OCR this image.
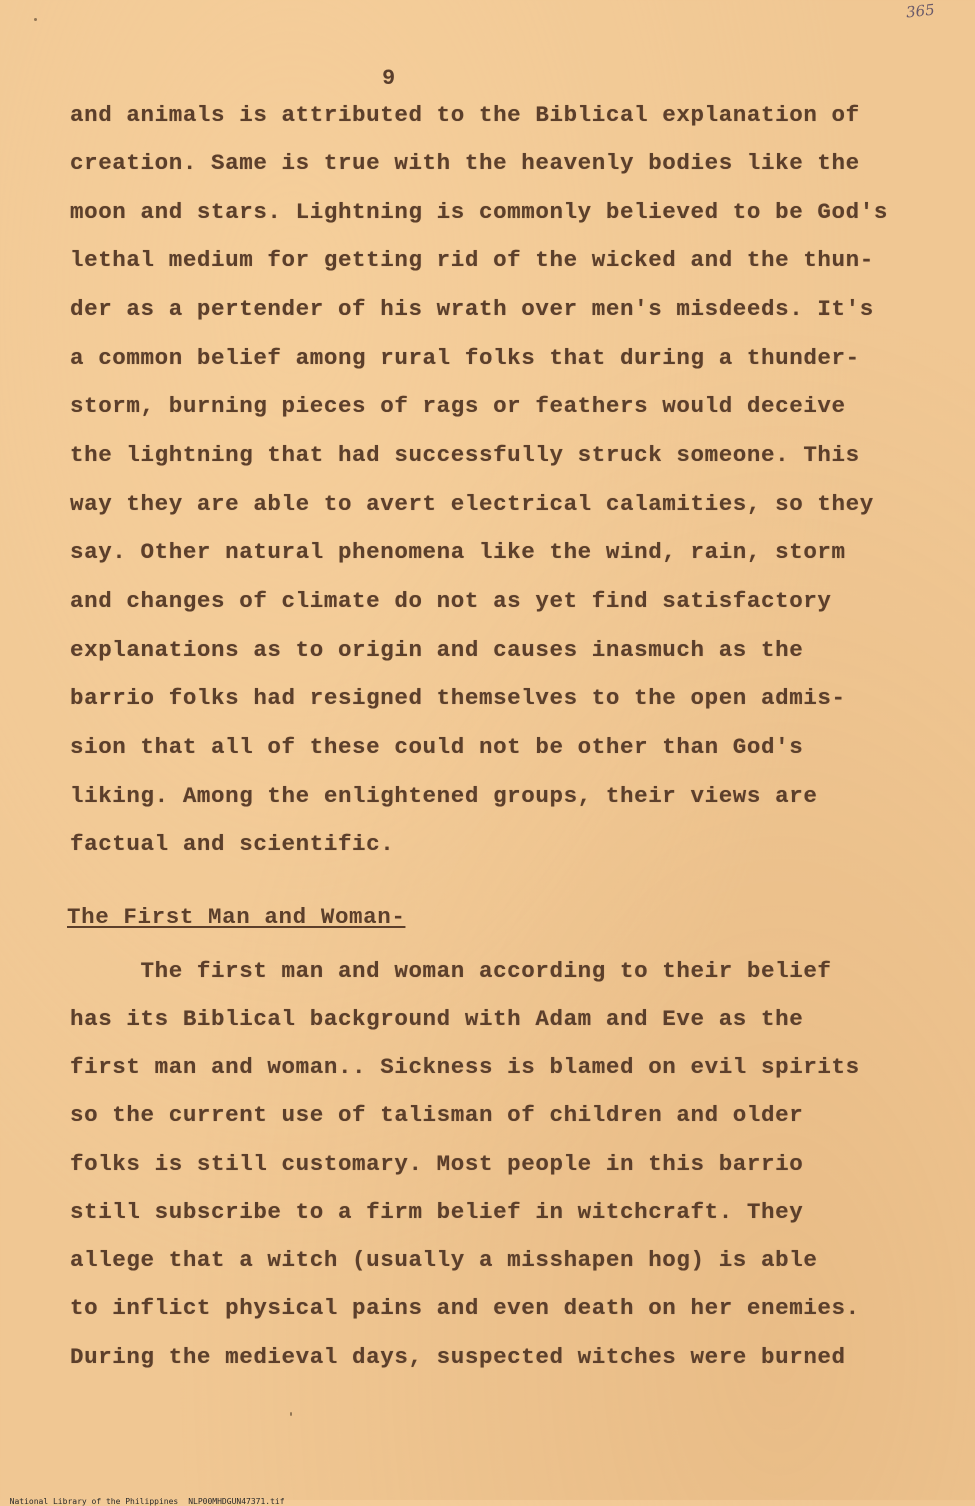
365
9
and animals is attributed to the Biblical explanation of
creation. Same is true with the heavenly bodies like the
moon and stars. Lightning is commonly believed to be God's
lethal medium for getting rid of the wicked and the thun-
der as a pertender of his wrath over men's misdeeds. It's
a common belief among rural folks that during a thunder-
storm, burning pieces of rags or feathers would deceive
the lightning that had successfully struck someone. This
way they are able to avert electrical calamities, so they
say. Other natural phenomena like the wind, rain, storm
and changes of climate do not as yet find satisfactory
explanations as to origin and causes inasmuch as the
barrio folks had resigned themselves to the open admis-
sion that all of these could not be other than God's
liking. Among the enlightened groups, their views are
factual and scientific.
The First Man and Woman-
The first man and woman according to their belief
has its Biblical background with Adam and Eve as the
first man and woman.. Sickness is blamed on evil spirits
so the current use of talisman of children and older
folks is still customary. Most people in this barrio
still subscribe to a firm belief in witchcraft. They
allege that a witch (usually a misshapen hog) is able
to inflict physical pains and even death on her enemies.
During the medieval days, suspected witches were burned

National Library of the Philippines NLP00MHDGUN47371.tif
